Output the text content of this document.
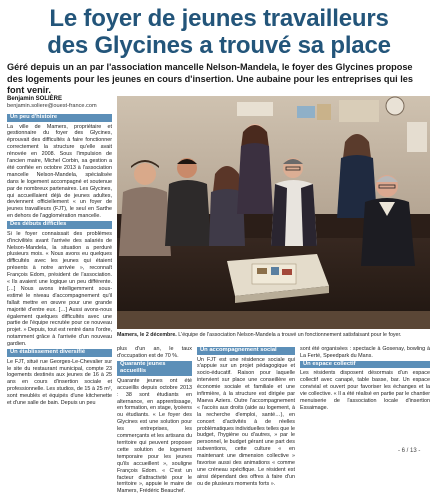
Le foyer de jeunes travailleurs
des Glycines a trouvé sa place
Géré depuis un an par l'association mancelle Nelson-Mandela, le foyer des Glycines propose des logements pour les jeunes en cours d'insertion. Une aubaine pour les entreprises qui les font venir.
Benjamin SOLIÈRE
benjamin.soliere@ouest-france.com
Un peu d'histoire

La ville de Mamers, propriétaire et gestionnaire du foyer des Glycines, éprouvait des difficultés à faire fonctionner correctement la structure qu'elle avait rénovée en 2008. Sous l'impulsion de l'ancien maire, Michel Corbin, sa gestion a été confiée en octobre 2013 à l'association mancelle Nelson-Mandela, spécialisée dans le logement accompagné et soutenue par de nombreux partenaires. Les Glycines, qui accueillaient déjà de jeunes adultes, deviennent officiellement « un foyer de jeunes travailleurs (FJT), le seul en Sarthe en dehors de l'agglomération mancelle.

Des débuts difficiles

Si le foyer connaissait des problèmes d'incivilités avant l'arrivée des salariés de Nelson-Mandela, la situation a perduré plusieurs mois. « Nous avons eu quelques difficultés avec les jeunes qui étaient présents à notre arrivée », reconnaît François Edom, président de l'association. « Ils avaient une logique un peu différente. […] Nous avons intelligemment sous-estimé le niveau d'accompagnement qu'il fallait mettre en œuvre pour une grande majorité d'entre eux. […] Aussi avons-nous également quelques difficultés avec une partie de l'équipe recrutée pour ce nouveau projet. » Depuis, tout est rentré dans l'ordre, notamment grâce à l'arrivée d'un nouveau gardien.

Un établissement diversifié

Le FJT, situé rue Georges-Le-Chevalier sur le site du restaurant municipal, compte 23 logements destinés aux jeunes de 16 à 25 ans en cours d'insertion sociale et professionnelle. Les studios, de 15 à 25 m², sont meublés et équipés d'une kitchenette et d'une salle de bain. Depuis un peu

Mamers, le 2 décembre. L'équipe de l'association Nelson-Mandela a trouvé un fonctionnement satisfaisant pour le foyer.

plus d'un an, le taux d'occupation est de 70 %.

Quarante jeunes accueillis

Quarante jeunes ont été accueillis depuis octobre 2013 : 38 sont étudiants en alternance, en apprentissage, en formation, en stage, lycéens ou étudiants. « Le foyer des Glycines est une solution pour les entreprises, les commerçants et les artisans du territoire qui peuvent proposer cette solution de logement temporaire pour les jeunes qu'ils accueillent », souligne François Edom. « C'est un facteur d'attractivité pour le territoire », appuie le maire de Mamers, Frédéric Beauchef.

Un accompagnement social

Un FJT est une résidence sociale qui s'appuie sur un projet pédagogique et socio-éducatif. Raison pour laquelle intervient sur place une conseillère en économie sociale et familiale et une infirmière, à la structure est dirigée par Maeva Aziers. Outre l'accompagnement « l'accès aux droits (aide au logement, à la recherche d'emploi, santé…), en concert d'activités à de réelles problématiques individuelles telles que le budget, l'hygiène ou d'autres, » par le personnel, le budget gérant une part des subventions, cette culture « en maintenant une dimension collective » favorise aussi des animations « comme une créneau spécifique. Le résident est ainsi dépendant des offres à faire d'un ou de plusieurs moments forts ».

sont été organisées : spectacle à Gosenay, bowling à La Ferté, Speedpark du Mans.

Un espace collectif

Les résidents disposent désormais d'un espace collectif avec canapé, table basse, bar. Un espace convivial et ouvert pour favoriser les échanges et la vie collective. « Il a été réalisé en partie par le chantier menuiserie de l'association locale d'insertion Essaimage.

- 6 / 13 -
